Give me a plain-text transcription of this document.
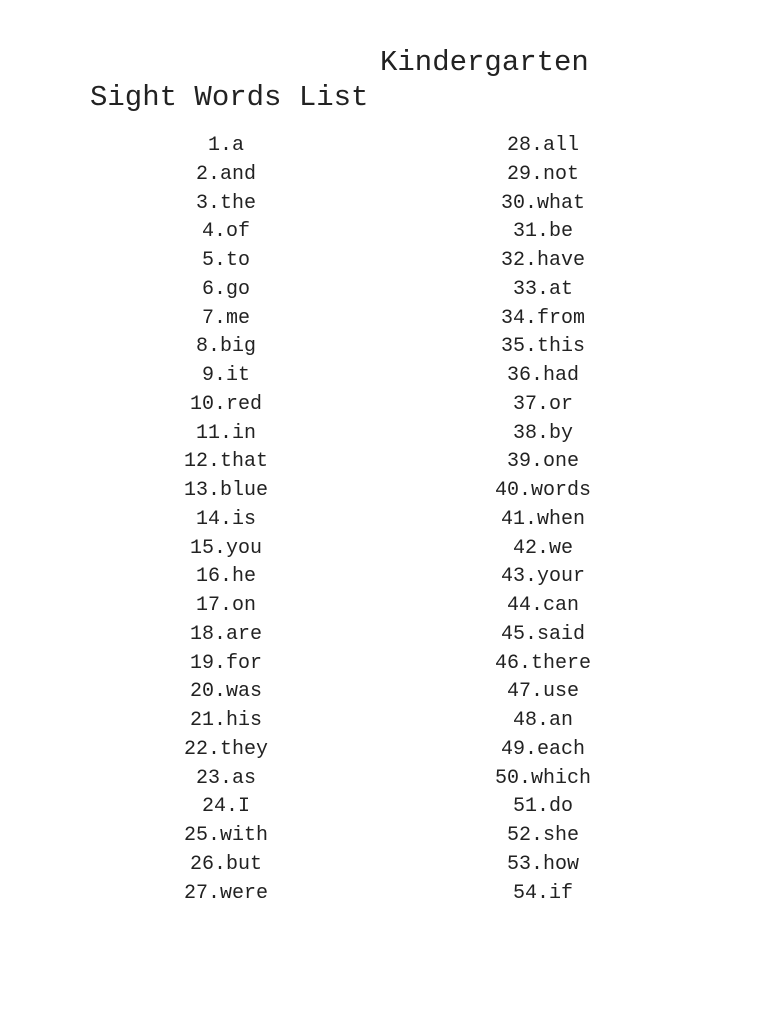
Kindergarten
Sight Words List
1.a
2.and
3.the
4.of
5.to
6.go
7.me
8.big
9.it
10.red
11.in
12.that
13.blue
14.is
15.you
16.he
17.on
18.are
19.for
20.was
21.his
22.they
23.as
24.I
25.with
26.but
27.were
28.all
29.not
30.what
31.be
32.have
33.at
34.from
35.this
36.had
37.or
38.by
39.one
40.words
41.when
42.we
43.your
44.can
45.said
46.there
47.use
48.an
49.each
50.which
51.do
52.she
53.how
54.if
